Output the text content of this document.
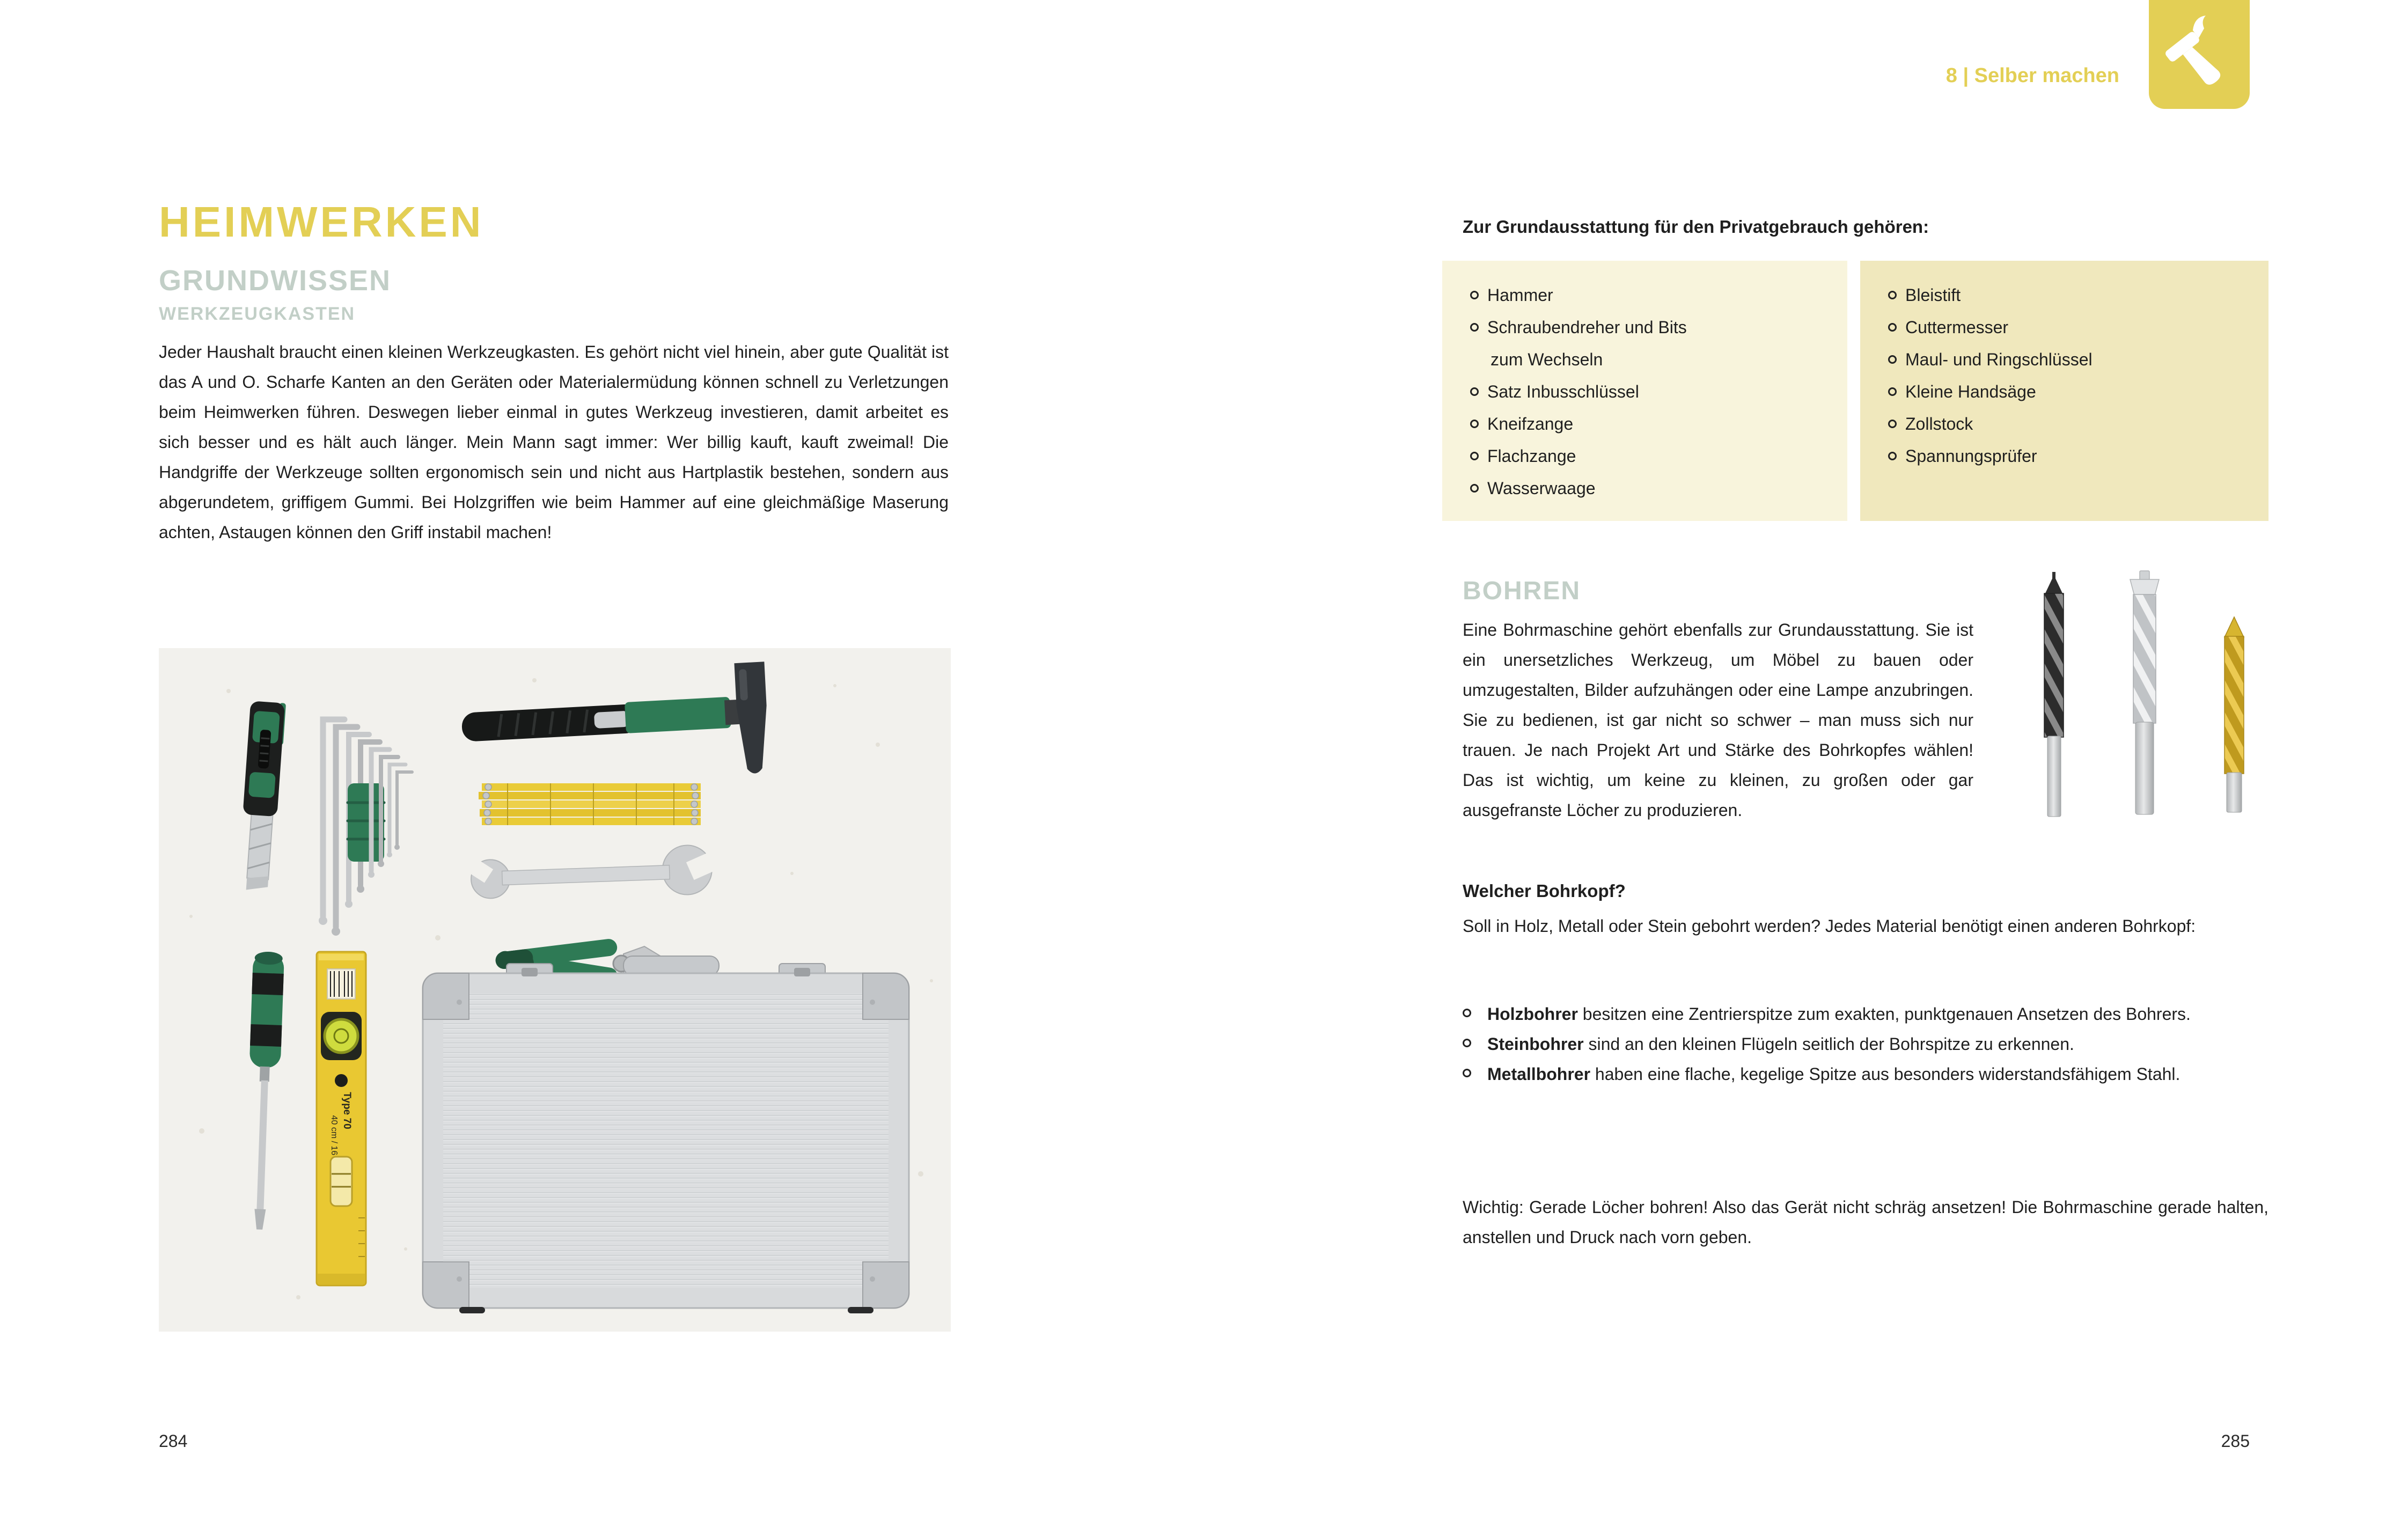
HEIMWERKEN
GRUNDWISSEN
WERKZEUGKASTEN

Jeder Haushalt braucht einen kleinen Werkzeugkasten. Es gehört nicht viel hinein, aber gute Qualität ist das A und O. Scharfe Kanten an den Geräten oder Materialermüdung können schnell zu Verletzungen beim Heimwerken führen. Deswegen lieber einmal in gutes Werkzeug investieren, damit arbeitet es sich besser und es hält auch länger. Mein Mann sagt immer: Wer billig kauft, kauft zweimal! Die Handgriffe der Werkzeuge sollten ergonomisch sein und nicht aus Hartplastik bestehen, sondern aus abgerundetem, griffigem Gummi. Bei Holzgriffen wie beim Hammer auf eine gleichmäßige Maserung achten, Astaugen können den Griff instabil machen!

Type 70
40 cm / 16
284
8 | Selber machen

Zur Grundausstattung für den Privatgebrauch gehören:

Hammer
Schraubendreher und Bits
zum Wechseln
Satz Inbusschlüssel
Kneifzange
Flachzange
Wasserwaage
Bleistift
Cuttermesser
Maul- und Ringschlüssel
Kleine Handsäge
Zollstock
Spannungsprüfer
BOHREN

Eine Bohrmaschine gehört ebenfalls zur Grundausstattung. Sie ist ein unersetzliches Werkzeug, um Möbel zu bauen oder umzugestalten, Bilder aufzuhängen oder eine Lampe anzubringen. Sie zu bedienen, ist gar nicht so schwer – man muss sich nur trauen. Je nach Projekt Art und Stärke des Bohrkopfes wählen! Das ist wichtig, um keine zu kleinen, zu großen oder gar ausgefranste Löcher zu produzieren.

Welcher Bohrkopf?

Soll in Holz, Metall oder Stein gebohrt werden? Jedes Material benötigt einen anderen Bohrkopf:

Holzbohrer besitzen eine Zentrierspitze zum exakten, punktgenauen Ansetzen des Bohrers.
Steinbohrer sind an den kleinen Flügeln seitlich der Bohrspitze zu erkennen.
Metallbohrer haben eine flache, kegelige Spitze aus besonders widerstandsfähigem Stahl.

Wichtig: Gerade Löcher bohren! Also das Gerät nicht schräg ansetzen! Die Bohrmaschine gerade halten, anstellen und Druck nach vorn geben.

285
